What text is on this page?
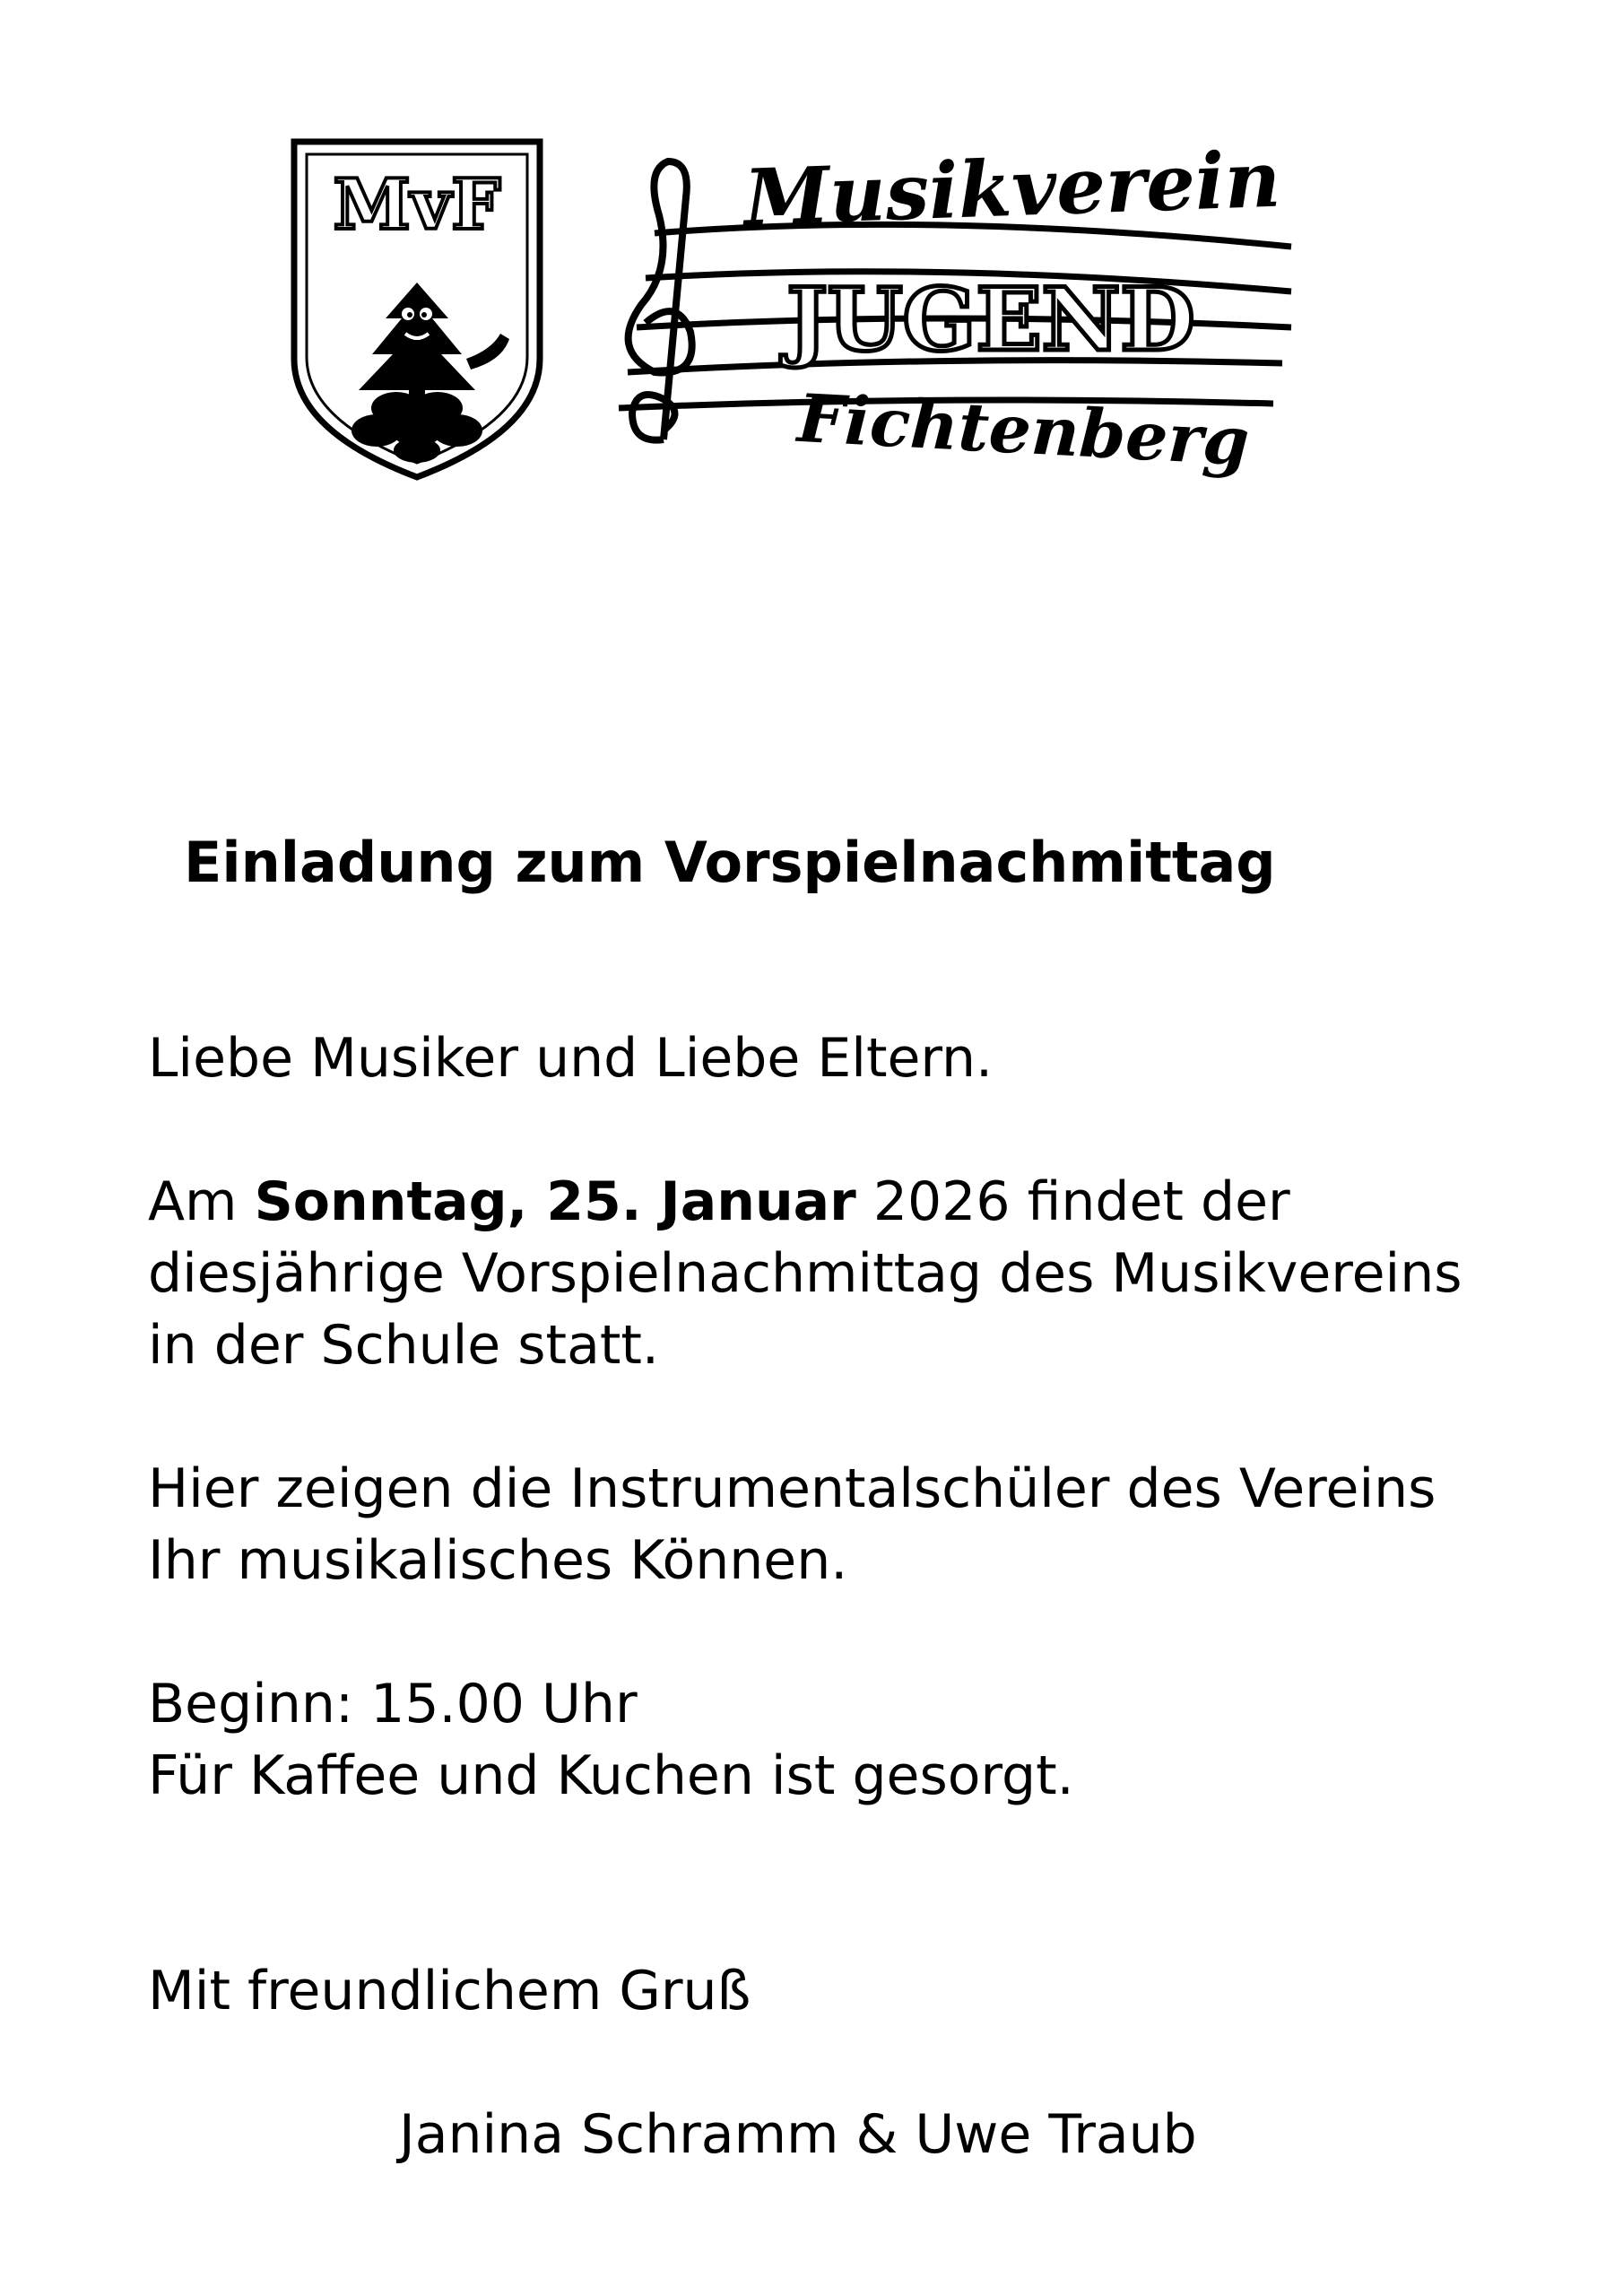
MvF	Musikverein
JUGEND
Fichtenberg
Einladung zum Vorspielnachmittag

Liebe Musiker und Liebe Eltern.

Am Sonntag, 25. Januar 2026 findet der
diesjährige Vorspielnachmittag des Musikvereins
in der Schule statt.

Hier zeigen die Instrumentalschüler des Vereins
Ihr musikalisches Können.

Beginn: 15.00 Uhr
Für Kaffee und Kuchen ist gesorgt.

Mit freundlichem Gruß

Janina Schramm & Uwe Traub
